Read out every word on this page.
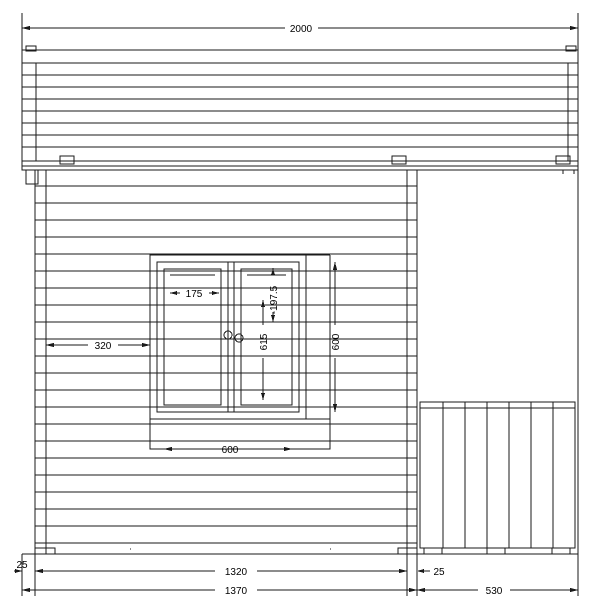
2000
1320
25
25
1370	530
600
320
175
600
-197.5
615
